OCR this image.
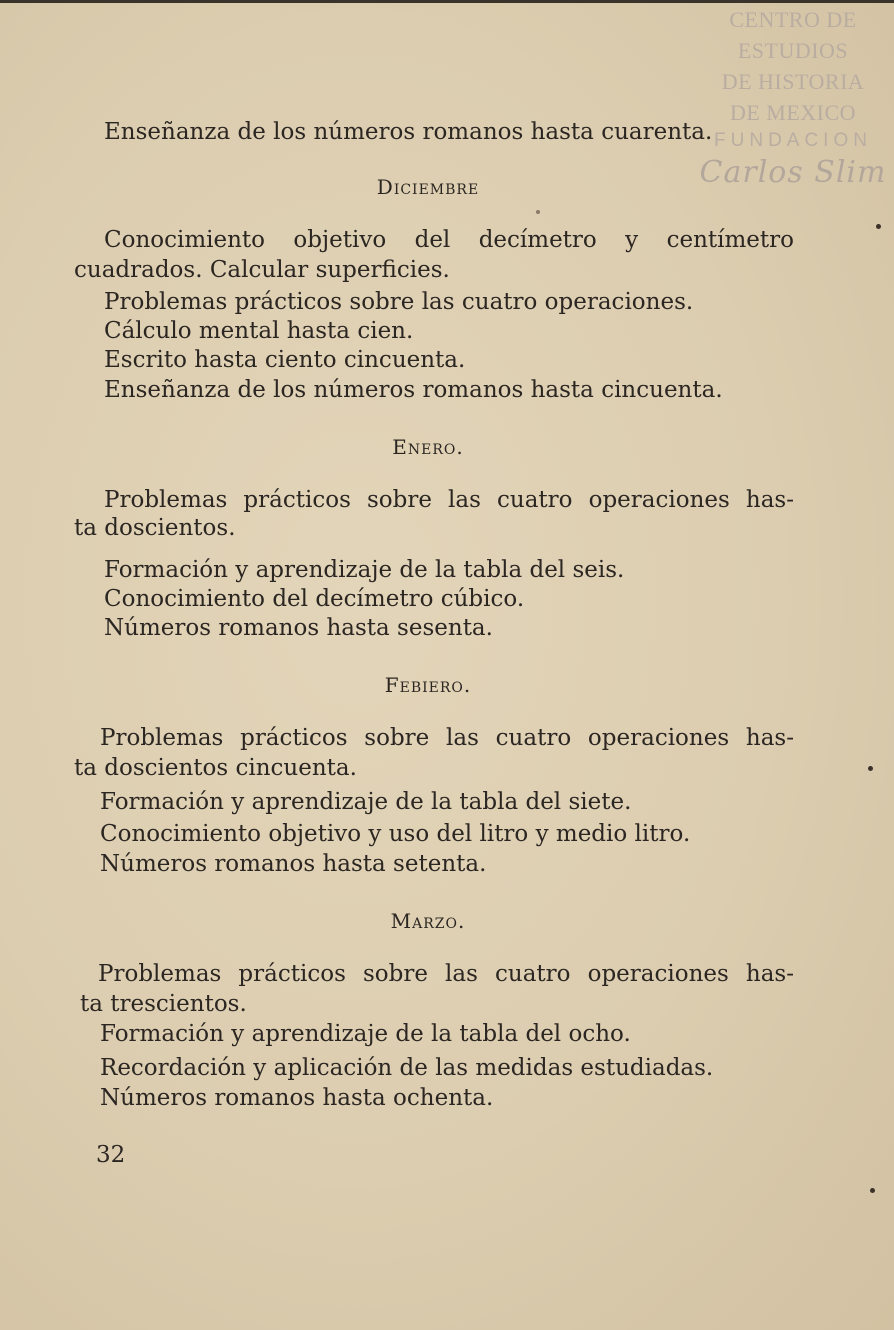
CENTRO DE
ESTUDIOS
DE HISTORIA
DE MEXICO
FUNDACION
Carlos Slim
Enseñanza de los números romanos hasta cuarenta.
Diciembre
Conocimiento objetivo del decímetro y centímetro
cuadrados. Calcular superficies.
Problemas prácticos sobre las cuatro operaciones.
Cálculo mental hasta cien.
Escrito hasta ciento cincuenta.
Enseñanza de los números romanos hasta cincuenta.
Enero.
Problemas prácticos sobre las cuatro operaciones has-
ta doscientos.
Formación y aprendizaje de la tabla del seis.
Conocimiento del decímetro cúbico.
Números romanos hasta sesenta.
Febiero.
Problemas prácticos sobre las cuatro operaciones has-
ta doscientos cincuenta.
Formación y aprendizaje de la tabla del siete.
Conocimiento objetivo y uso del litro y medio litro.
Números romanos hasta setenta.
Marzo.
Problemas prácticos sobre las cuatro operaciones has-
ta trescientos.
Formación y aprendizaje de la tabla del ocho.
Recordación y aplicación de las medidas estudiadas.
Números romanos hasta ochenta.
32
